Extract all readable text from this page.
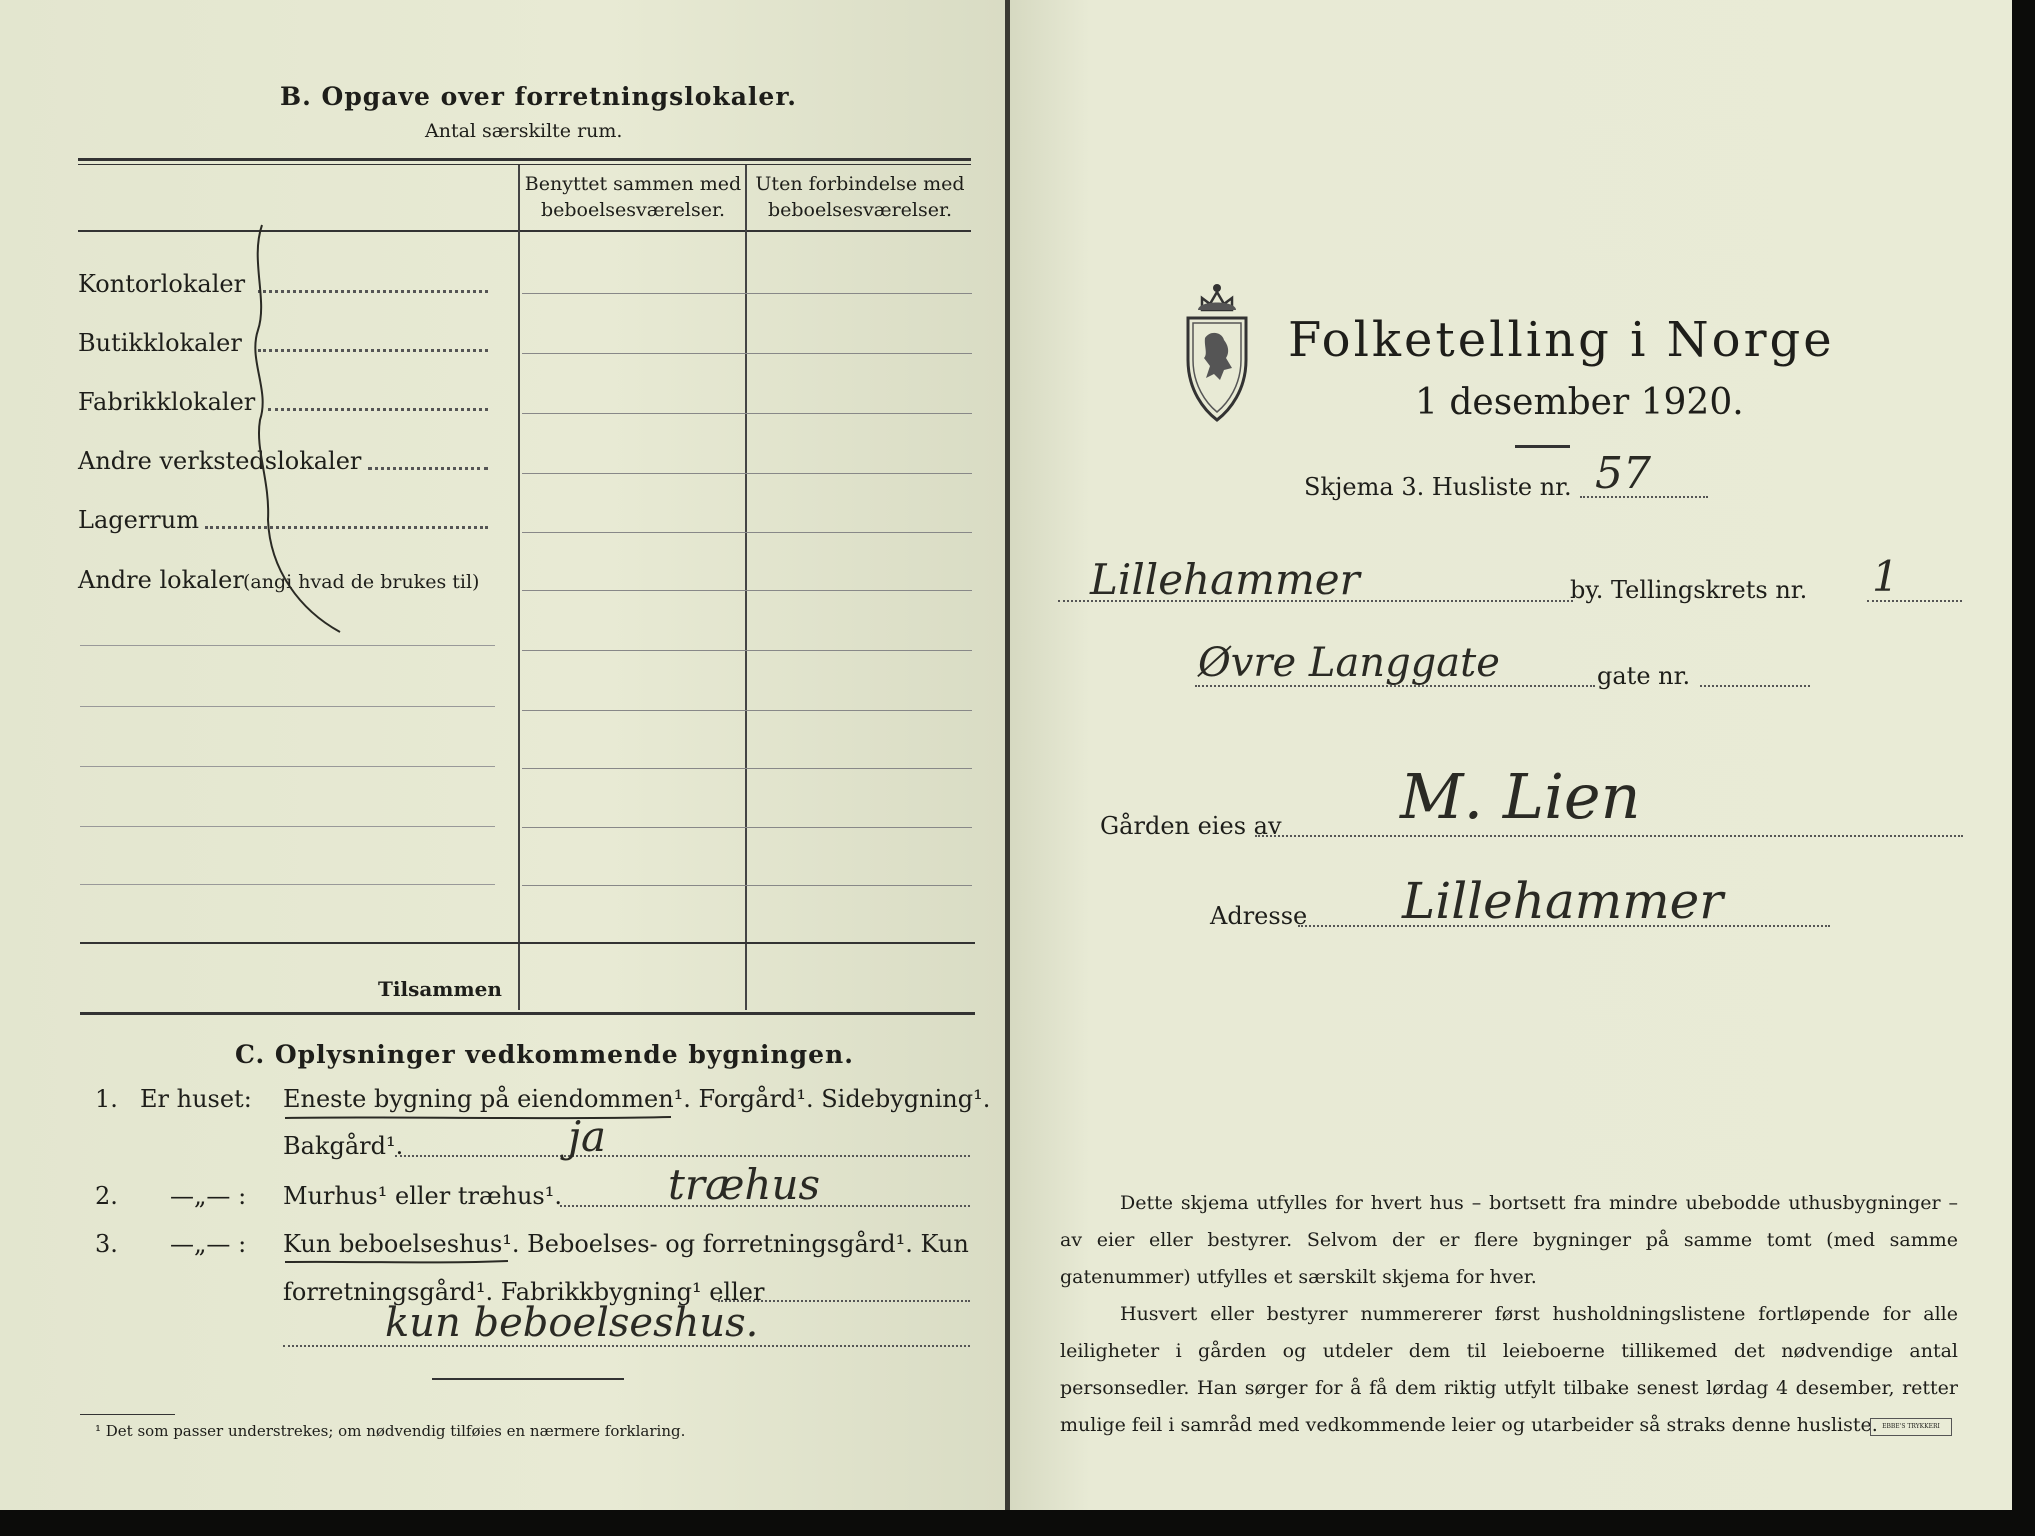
B. Opgave over forretningslokaler.
Antal særskilte rum.
Benyttet sammen med
beboelsesværelser.
Uten forbindelse med
beboelsesværelser.
Kontorlokaler
Butikklokaler
Fabrikklokaler
Andre verkstedslokaler
Lagerrum
Andre lokaler (angi hvad de brukes til)
Tilsammen
C. Oplysninger vedkommende bygningen.
1. Er huset: Eneste bygning på eiendommen¹. Forgård¹. Sidebygning¹.
Bakgård¹.	ja
2. —„— : Murhus¹ eller træhus¹.	træhus
3. —„— : Kun beboelseshus¹. Beboelses- og forretningsgård¹. Kun
forretningsgård¹. Fabrikkbygning¹ eller
kun beboelseshus.
¹ Det som passer understrekes; om nødvendig tilføies en nærmere forklaring.
Folketelling i Norge
1 desember 1920.
Skjema 3. Husliste nr. 57
Lillehammer	by. Tellingskrets nr. 1
Øvre Langgate	gate nr.
Gården eies av M. Lien
Adresse Lillehammer
Dette skjema utfylles for hvert hus – bortsett fra mindre ubebodde uthusbygninger – av eier eller bestyrer. Selvom der er flere bygninger på samme tomt (med samme gatenummer) utfylles et særskilt skjema for hver.
Husvert eller bestyrer nummererer først husholdningslistene fortløpende for alle leiligheter i gården og utdeler dem til leieboerne tillikemed det nødvendige antal personsedler. Han sørger for å få dem riktig utfylt tilbake senest lørdag 4 desember, retter mulige feil i samråd med vedkommende leier og utarbeider så straks denne husliste. EBBE'S TRYKKERI
